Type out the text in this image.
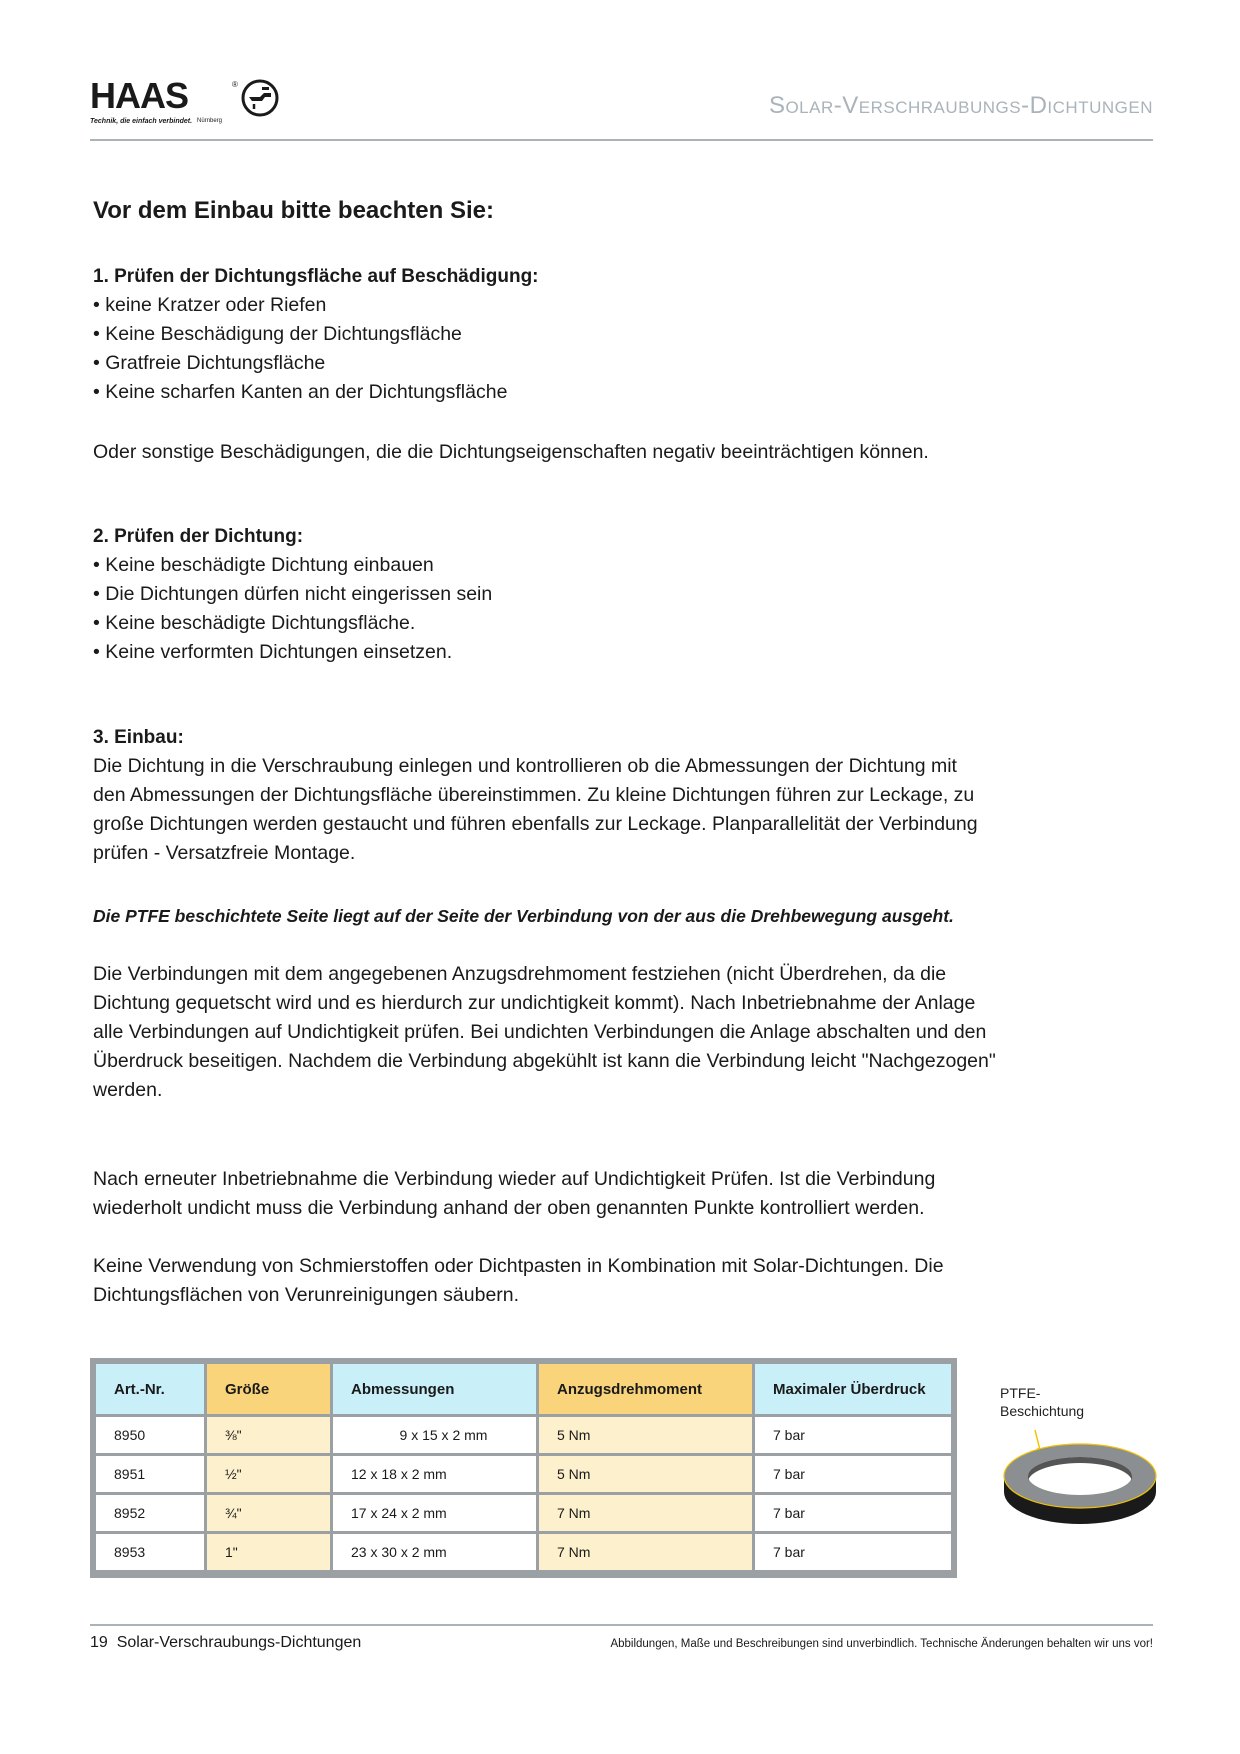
HAAS	®
Technik, die einfach verbindet. Nürnberg
Solar-Verschraubungs-Dichtungen
Vor dem Einbau bitte beachten Sie:
1. Prüfen der Dichtungsfläche auf Beschädigung:
• keine Kratzer oder Riefen
• Keine Beschädigung der Dichtungsfläche
• Gratfreie Dichtungsfläche
• Keine scharfen Kanten an der Dichtungsfläche

Oder sonstige Beschädigungen, die die Dichtungseigenschaften negativ beeinträchtigen können.

2. Prüfen der Dichtung:
• Keine beschädigte Dichtung einbauen
• Die Dichtungen dürfen nicht eingerissen sein
• Keine beschädigte Dichtungsfläche.
• Keine verformten Dichtungen einsetzen.
3. Einbau:

Die Dichtung in die Verschraubung einlegen und kontrollieren ob die Abmessungen der Dichtung mit

den Abmessungen der Dichtungsfläche übereinstimmen. Zu kleine Dichtungen führen zur Leckage, zu

große Dichtungen werden gestaucht und führen ebenfalls zur Leckage. Planparallelität der Verbindung

prüfen - Versatzfreie Montage.

Die PTFE beschichtete Seite liegt auf der Seite der Verbindung von der aus die Drehbewegung ausgeht.

Die Verbindungen mit dem angegebenen Anzugsdrehmoment festziehen (nicht Überdrehen, da die

Dichtung gequetscht wird und es hierdurch zur undichtigkeit kommt). Nach Inbetriebnahme der Anlage

alle Verbindungen auf Undichtigkeit prüfen. Bei undichten Verbindungen die Anlage abschalten und den

Überdruck beseitigen. Nachdem die Verbindung abgekühlt ist kann die Verbindung leicht "Nachgezogen"

werden.

Nach erneuter Inbetriebnahme die Verbindung wieder auf Undichtigkeit Prüfen. Ist die Verbindung

wiederholt undicht muss die Verbindung anhand der oben genannten Punkte kontrolliert werden.

Keine Verwendung von Schmierstoffen oder Dichtpasten in Kombination mit Solar-Dichtungen. Die

Dichtungsflächen von Verunreinigungen säubern.

Art.-Nr.	Größe	Abmessungen	Anzugsdrehmoment	Maximaler Überdruck
8950	⅜"	9 x 15 x 2 mm	5 Nm	7 bar
8951	½"	12 x 18 x 2 mm	5 Nm	7 bar
8952	¾"	17 x 24 x 2 mm	7 Nm	7 bar
8953	1"	23 x 30 x 2 mm	7 Nm	7 bar
PTFE-
Beschichtung
19 Solar-Verschraubungs-Dichtungen	Abbildungen, Maße und Beschreibungen sind unverbindlich. Technische Änderungen behalten wir uns vor!
